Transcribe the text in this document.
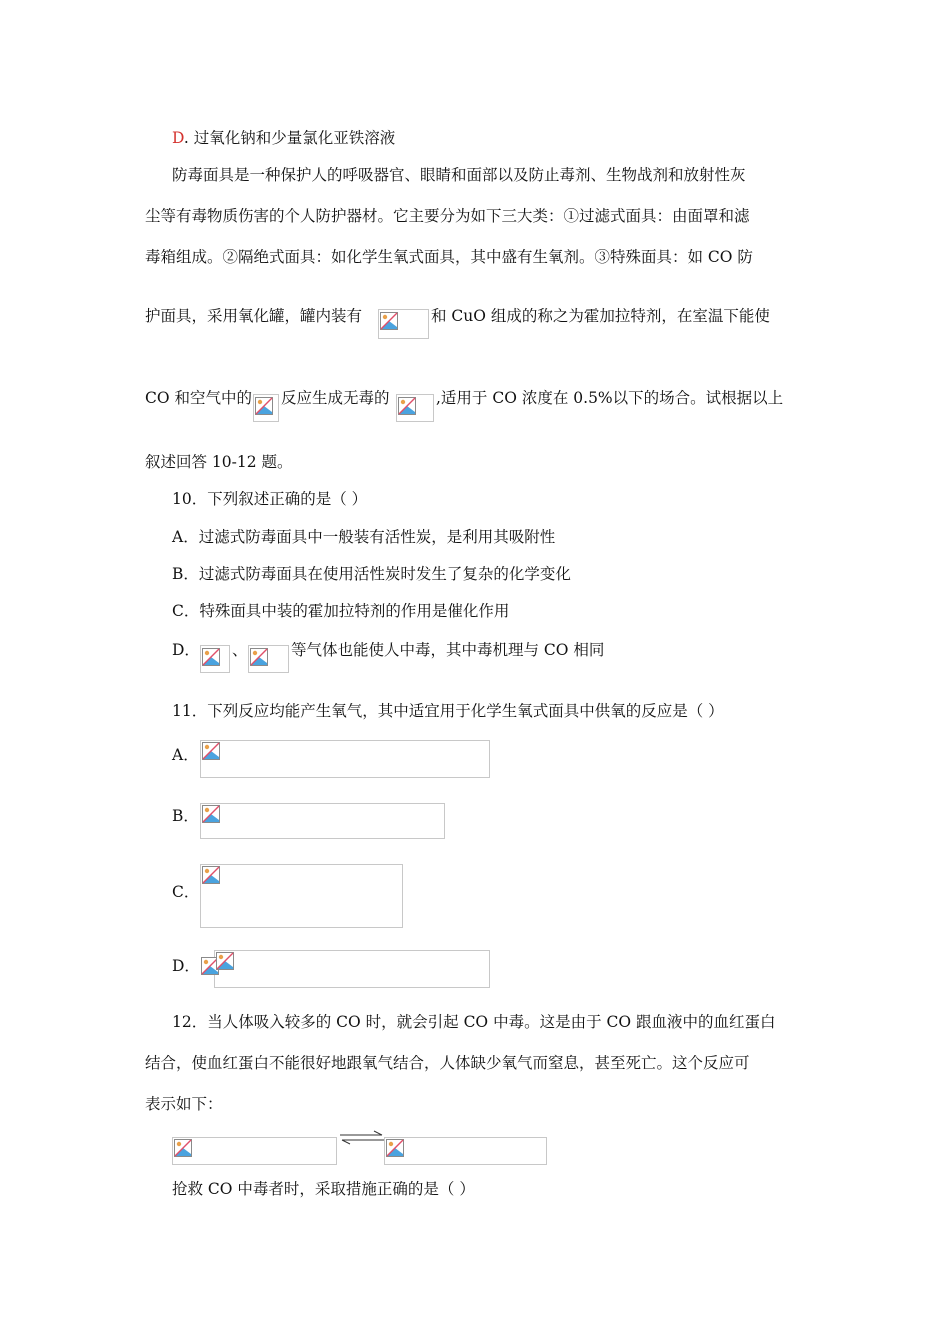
D. 过氧化钠和少量氯化亚铁溶液
防毒面具是一种保护人的呼吸器官、眼睛和面部以及防止毒剂、生物战剂和放射性灰
尘等有毒物质伤害的个人防护器材。它主要分为如下三大类：①过滤式面具：由面罩和滤
毒箱组成。②隔绝式面具：如化学生氧式面具，其中盛有生氧剂。③特殊面具：如 CO 防
护面具，采用氧化罐，罐内装有	和 CuO 组成的称之为霍加拉特剂，在室温下能使
CO 和空气中的 反应生成无毒的	,适用于 CO 浓度在 0.5%以下的场合。试根据以上
叙述回答 10-12 题。
10．下列叙述正确的是（ ）
A．过滤式防毒面具中一般装有活性炭，是利用其吸附性
B．过滤式防毒面具在使用活性炭时发生了复杂的化学变化
C．特殊面具中装的霍加拉特剂的作用是催化作用
D． 、	等气体也能使人中毒，其中毒机理与 CO 相同
11．下列反应均能产生氧气，其中适宜用于化学生氧式面具中供氧的反应是（ ）
A．
B．
C．
D．
12．当人体吸入较多的 CO 时，就会引起 CO 中毒。这是由于 CO 跟血液中的血红蛋白
结合，使血红蛋白不能很好地跟氧气结合，人体缺少氧气而窒息，甚至死亡。这个反应可
表示如下：
抢救 CO 中毒者时，采取措施正确的是（ ）
